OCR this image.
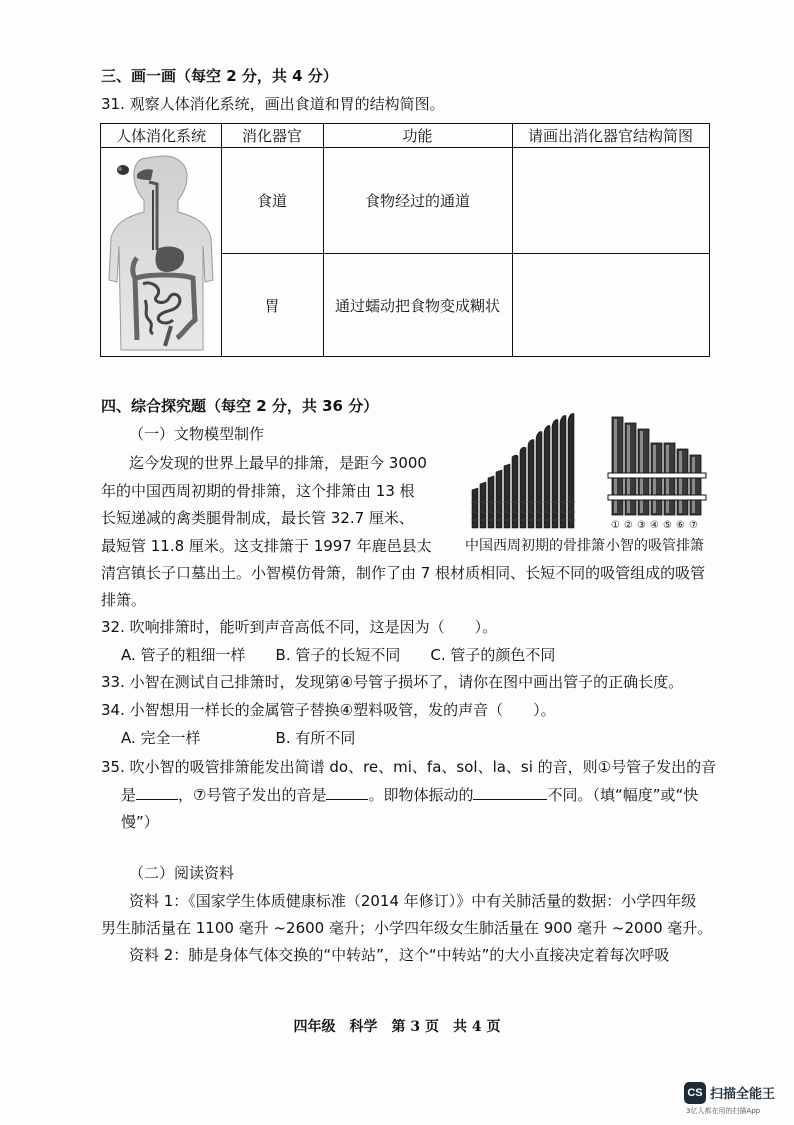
三、画一画（每空 2 分，共 4 分）
31. 观察人体消化系统，画出食道和胃的结构简图。
人体消化系统	消化器官	功能	请画出消化器官结构简图
食道	食物经过的通道
胃	通过蠕动把食物变成糊状
四、综合探究题（每空 2 分，共 36 分）
（一）文物模型制作
迄今发现的世界上最早的排箫，是距今 3000
年的中国西周初期的骨排箫，这个排箫由 13 根
长短递减的禽类腿骨制成，最长管 32.7 厘米、
最短管 11.8 厘米。这支排箫于 1997 年鹿邑县太
清宫镇长子口墓出土。小智模仿骨箫，制作了由 7 根材质相同、长短不同的吸管组成的吸管
排箫。
① ② ③ ④ ⑤ ⑥ ⑦
中国西周初期的骨排箫 小智的吸管排箫
32. 吹响排箫时，能听到声音高低不同，这是因为（　　）。
A. 管子的粗细一样　　B. 管子的长短不同　　C. 管子的颜色不同
33. 小智在测试自己排箫时，发现第④号管子损坏了，请你在图中画出管子的正确长度。
34. 小智想用一样长的金属管子替换④塑料吸管，发的声音（　　）。
A. 完全一样　　　　　B. 有所不同
35. 吹小智的吸管排箫能发出简谱 do、re、mi、fa、sol、la、si 的音，则①号管子发出的音
是	，⑦号管子发出的音是	。即物体振动的	不同。（填“幅度”或“快
慢”）
（二）阅读资料
资料 1：《国家学生体质健康标准（2014 年修订）》中有关肺活量的数据：小学四年级
男生肺活量在 1100 毫升 ~2600 毫升；小学四年级女生肺活量在 900 毫升 ~2000 毫升。
资料 2：肺是身体气体交换的“中转站”，这个“中转站”的大小直接决定着每次呼吸
四年级　科学　第 3 页　共 4 页
CS 扫描全能王
3亿人都在用的扫描App
